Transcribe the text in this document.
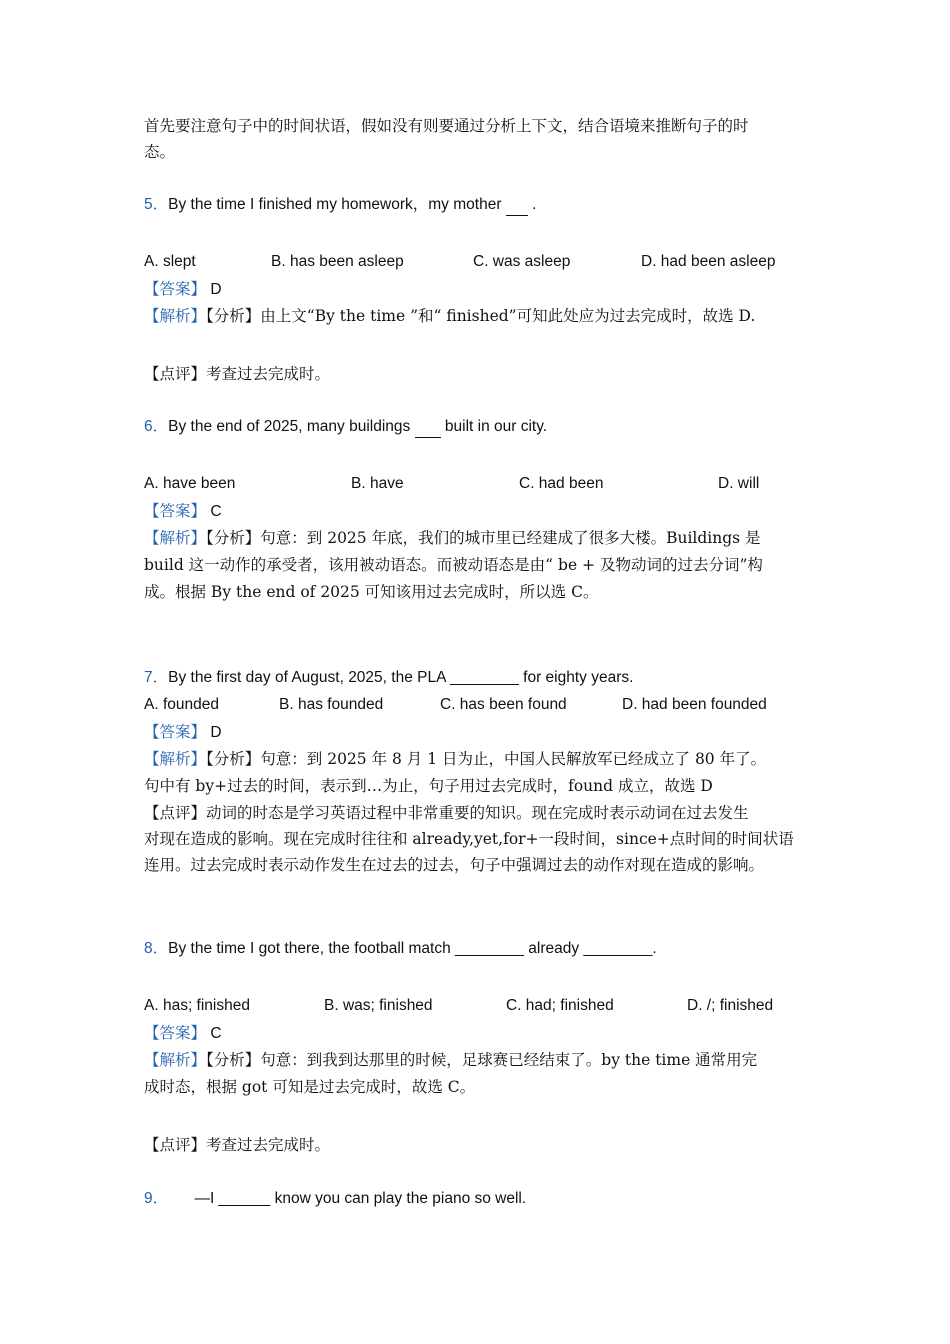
首先要注意句子中的时间状语，假如没有则要通过分析上下文，结合语境来推断句子的时
态。
5．By the time I finished my homework，my mother .
A. slept	B. has been asleep	C. was asleep	D. had been asleep
【答案】 D
【解析】【分析】由上文“By the time ”和“ finished”可知此处应为过去完成时，故选 D.
【点评】考查过去完成时。
6．By the end of 2025, many buildings built in our city.
A. have been	B. have	C. had been	D. will
【答案】 C
【解析】【分析】句意：到 2025 年底，我们的城市里已经建成了很多大楼。Buildings 是
build 这一动作的承受者，该用被动语态。而被动语态是由“ be + 及物动词的过去分词”构
成。根据 By the end of 2025 可知该用过去完成时，所以选 C。
7．By the first day of August, 2025, the PLA ________ for eighty years.
A. founded	B. has founded	C. has been found	D. had been founded
【答案】 D
【解析】【分析】句意：到 2025 年 8 月 1 日为止，中国人民解放军已经成立了 80 年了。
句中有 by+过去的时间，表示到…为止，句子用过去完成时，found 成立，故选 D
【点评】动词的时态是学习英语过程中非常重要的知识。现在完成时表示动词在过去发生
对现在造成的影响。现在完成时往往和 already,yet,for+一段时间，since+点时间的时间状语
连用。过去完成时表示动作发生在过去的过去，句子中强调过去的动作对现在造成的影响。
8．By the time I got there, the football match ________ already ________.
A. has; finished	B. was; finished	C. had; finished	D. /; finished
【答案】 C
【解析】【分析】句意：到我到达那里的时候，足球赛已经结束了。by the time 通常用完
成时态，根据 got 可知是过去完成时，故选 C。
【点评】考查过去完成时。
9． —I ______ know you can play the piano so well.
